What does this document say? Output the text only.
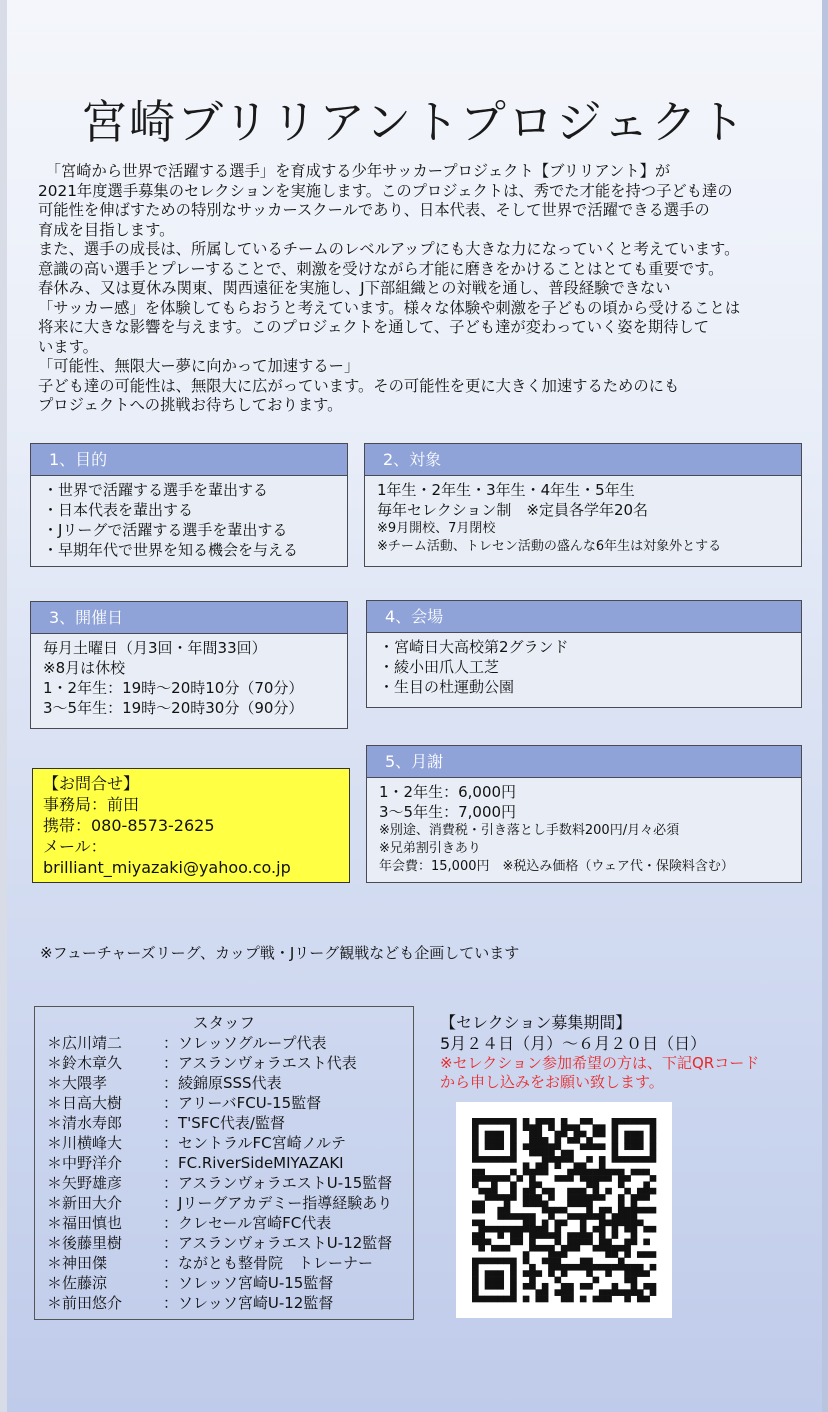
宮崎ブリリアントプロジェクト

　「宮崎から世界で活躍する選手」を育成する少年サッカープロジェクト【ブリリアント】が

2021年度選手募集のセレクションを実施します。このプロジェクトは、秀でた才能を持つ子ども達の

可能性を伸ばすための特別なサッカースクールであり、日本代表、そして世界で活躍できる選手の

育成を目指します。

また、選手の成長は、所属しているチームのレベルアップにも大きな力になっていくと考えています。

意識の高い選手とプレーすることで、刺激を受けながら才能に磨きをかけることはとても重要です。

春休み、又は夏休み関東、関西遠征を実施し、J下部組織との対戦を通し、普段経験できない

「サッカー感」を体験してもらおうと考えています。様々な体験や刺激を子どもの頃から受けることは

将来に大きな影響を与えます。このプロジェクトを通して、子ども達が変わっていく姿を期待して

います。

「可能性、無限大ー夢に向かって加速するー」

子ども達の可能性は、無限大に広がっています。その可能性を更に大きく加速するためのにも

プロジェクトへの挑戦お待ちしております。

1、目的
・世界で活躍する選手を輩出する
・日本代表を輩出する
・Jリーグで活躍する選手を輩出する
・早期年代で世界を知る機会を与える
2、対象
1年生・2年生・3年生・4年生・5年生
毎年セレクション制　※定員各学年20名
※9月開校、7月閉校
※チーム活動、トレセン活動の盛んな6年生は対象外とする
3、開催日
毎月土曜日（月3回・年間33回）
※8月は休校
1・2年生：19時〜20時10分（70分）
3〜5年生：19時〜20時30分（90分）
4、会場
・宮崎日大高校第2グランド
・綾小田爪人工芝
・生目の杜運動公園
5、月謝
1・2年生：6,000円
3〜5年生：7,000円
※別途、消費税・引き落とし手数料200円/月々必須
※兄弟割引きあり
年会費：15,000円　※税込み価格（ウェア代・保険料含む）
【お問合せ】
事務局：前田
携帯：080-8573-2625
メール：
brilliant_miyazaki@yahoo.co.jp
※フューチャーズリーグ、カップ戦・Jリーグ観戦なども企画しています
スタッフ
＊広川靖二	：ソレッソグループ代表
＊鈴木章久	：アスランヴォラエスト代表
＊大隈孝	：綾錦原SSS代表
＊日高大樹	：アリーバFCU-15監督
＊清水寿郎	：T'SFC代表/監督
＊川横峰大	：セントラルFC宮崎ノルテ
＊中野洋介	：FC.RiverSideMIYAZAKI
＊矢野雄彦	：アスランヴォラエストU-15監督
＊新田大介	：Jリーグアカデミー指導経験あり
＊福田慎也	：クレセール宮崎FC代表
＊後藤里樹	：アスランヴォラエストU-12監督
＊神田傑	：ながとも整骨院　トレーナー
＊佐藤涼	：ソレッソ宮崎U-15監督
＊前田悠介	：ソレッソ宮崎U-12監督
【セレクション募集期間】
5月２４日（月）〜６月２０日（日）
※セレクション参加希望の方は、下記QRコード
から申し込みをお願い致します。
